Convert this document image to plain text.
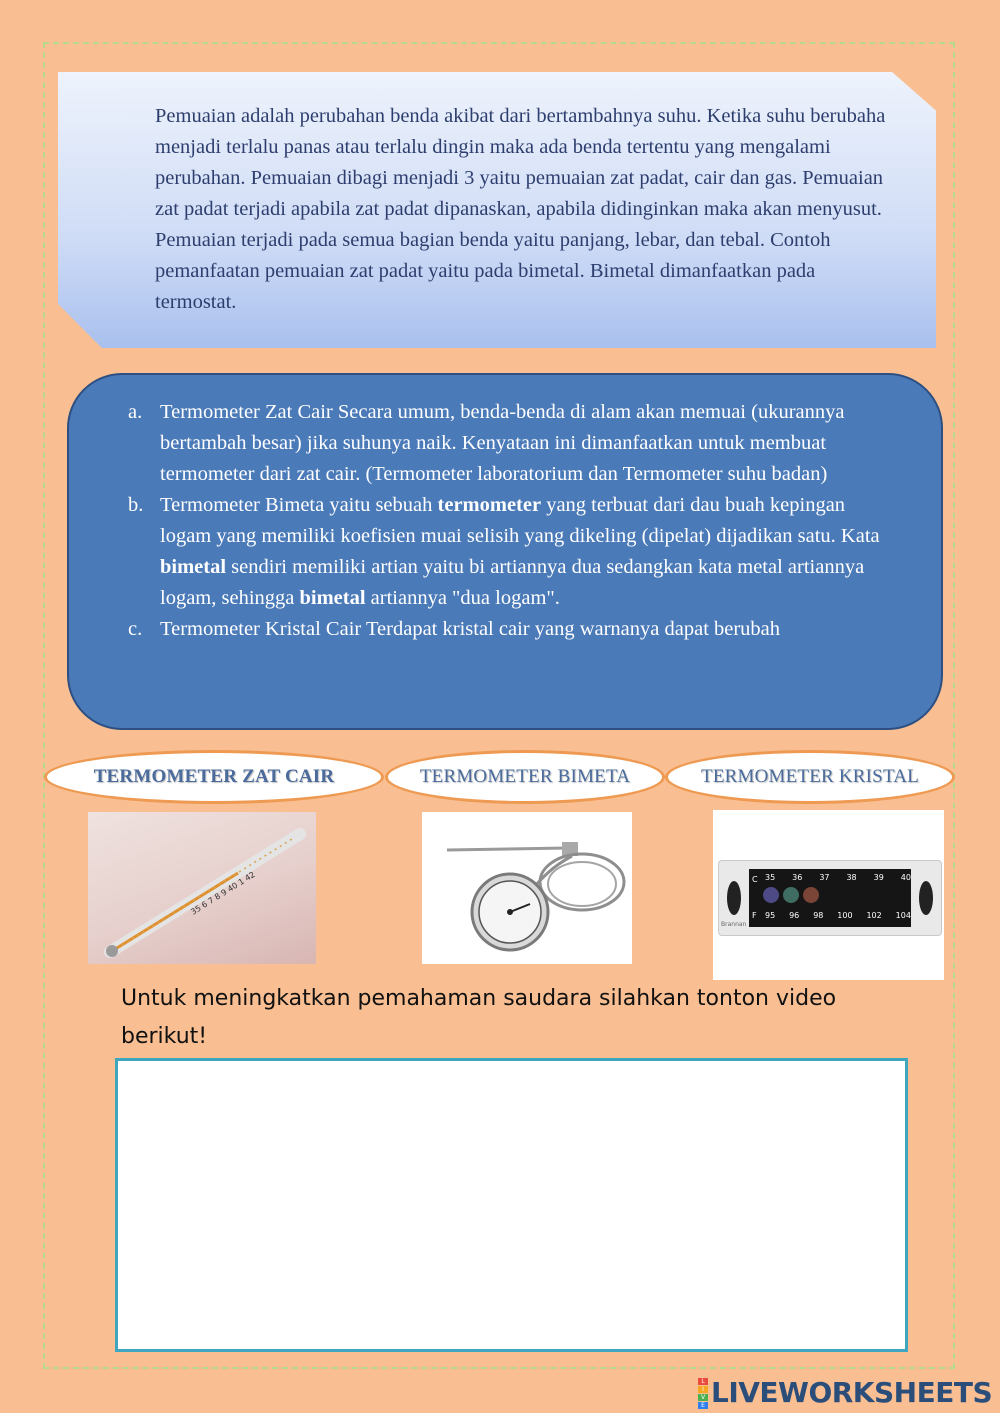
Pemuaian adalah perubahan benda akibat dari bertambahnya suhu. Ketika suhu berubaha menjadi terlalu panas atau terlalu dingin maka ada benda tertentu yang mengalami perubahan. Pemuaian dibagi menjadi 3 yaitu pemuaian zat padat, cair dan gas. Pemuaian zat padat terjadi apabila zat padat dipanaskan, apabila didinginkan maka akan menyusut. Pemuaian terjadi pada semua bagian benda yaitu panjang, lebar, dan tebal. Contoh pemanfaatan pemuaian zat padat yaitu pada bimetal. Bimetal dimanfaatkan pada termostat.

a. Termometer Zat Cair Secara umum, benda-benda di alam akan memuai (ukurannya bertambah besar) jika suhunya naik. Kenyataan ini dimanfaatkan untuk membuat termometer dari zat cair. (Termometer laboratorium dan Termometer suhu badan)
b. Termometer Bimeta yaitu sebuah termometer yang terbuat dari dau buah kepingan logam yang memiliki koefisien muai selisih yang dikeling (dipelat) dijadikan satu. Kata bimetal sendiri memiliki artian yaitu bi artiannya dua sedangkan kata metal artiannya logam, sehingga bimetal artiannya "dua logam".
c. Termometer Kristal Cair Terdapat kristal cair yang warnanya dapat berubah
TERMOMETER ZAT CAIR	TERMOMETER BIMETA	TERMOMETER KRISTAL
35 6 7 8 9 40 1 42	C
F
35 36 37 38 39 40
95 96 98 100 102 104
Brannan

Untuk meningkatkan pemahaman saudara silahkan tonton video berikut!

L
I
V
E LIVEWORKSHEETS
